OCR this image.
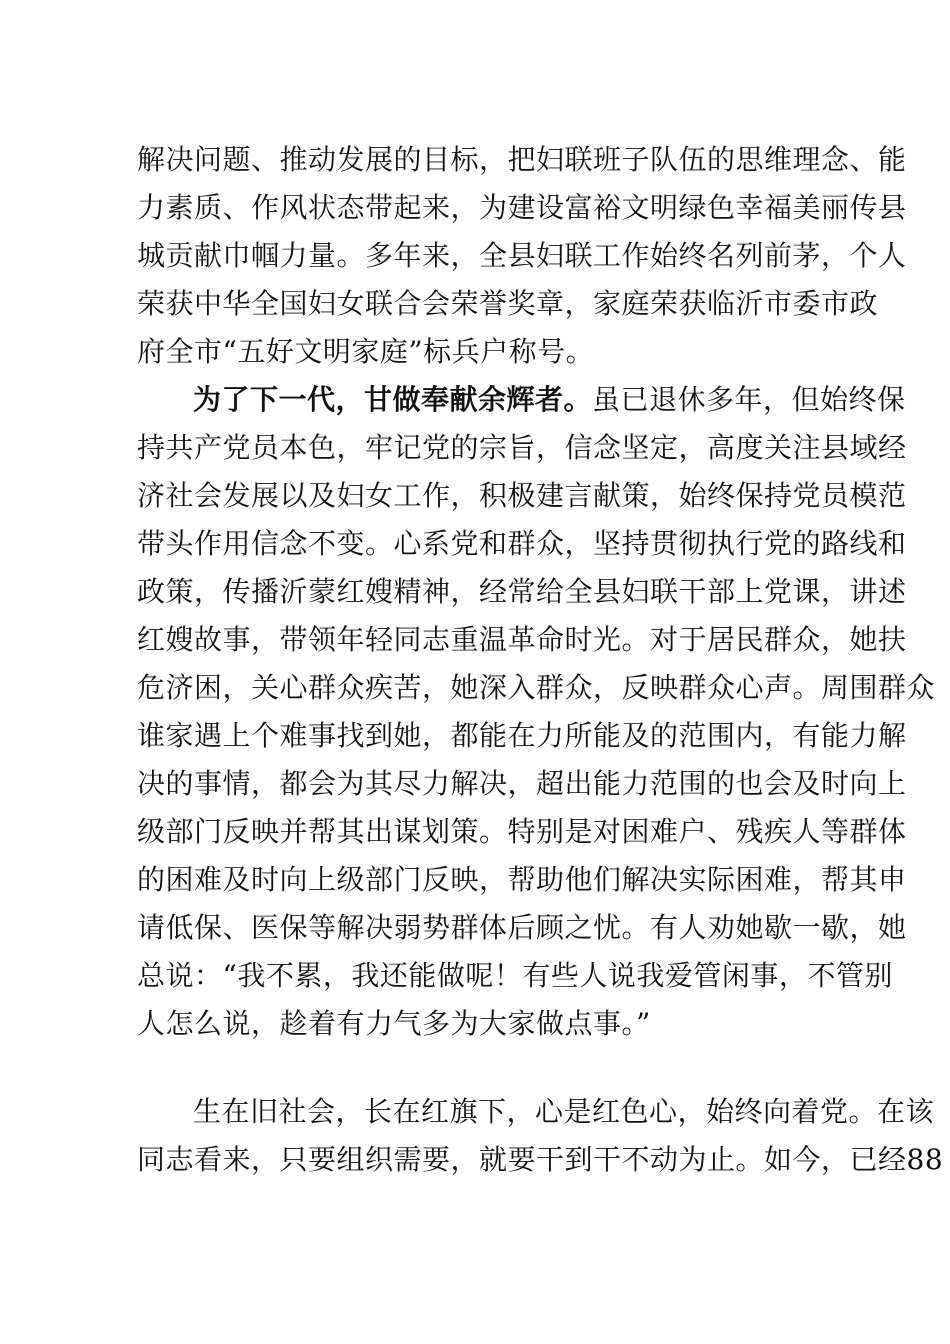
解决问题、推动发展的目标，把妇联班子队伍的思维理念、能
力素质、作风状态带起来，为建设富裕文明绿色幸福美丽传县
城贡献巾帼力量。多年来，全县妇联工作始终名列前茅，个人
荣获中华全国妇女联合会荣誉奖章，家庭荣获临沂市委市政
府全市“五好文明家庭”标兵户称号。
为了下一代，甘做奉献余辉者。虽已退休多年，但始终保
持共产党员本色，牢记党的宗旨，信念坚定，高度关注县域经
济社会发展以及妇女工作，积极建言献策，始终保持党员模范
带头作用信念不变。心系党和群众，坚持贯彻执行党的路线和
政策，传播沂蒙红嫂精神，经常给全县妇联干部上党课，讲述
红嫂故事，带领年轻同志重温革命时光。对于居民群众，她扶
危济困，关心群众疾苦，她深入群众，反映群众心声。周围群众
谁家遇上个难事找到她，都能在力所能及的范围内，有能力解
决的事情，都会为其尽力解决，超出能力范围的也会及时向上
级部门反映并帮其出谋划策。特别是对困难户、残疾人等群体
的困难及时向上级部门反映，帮助他们解决实际困难，帮其申
请低保、医保等解决弱势群体后顾之忧。有人劝她歇一歇，她
总说：“我不累，我还能做呢！有些人说我爱管闲事，不管别
人怎么说，趁着有力气多为大家做点事。”
生在旧社会，长在红旗下，心是红色心，始终向着党。在该
同志看来，只要组织需要，就要干到干不动为止。如今，已经88
